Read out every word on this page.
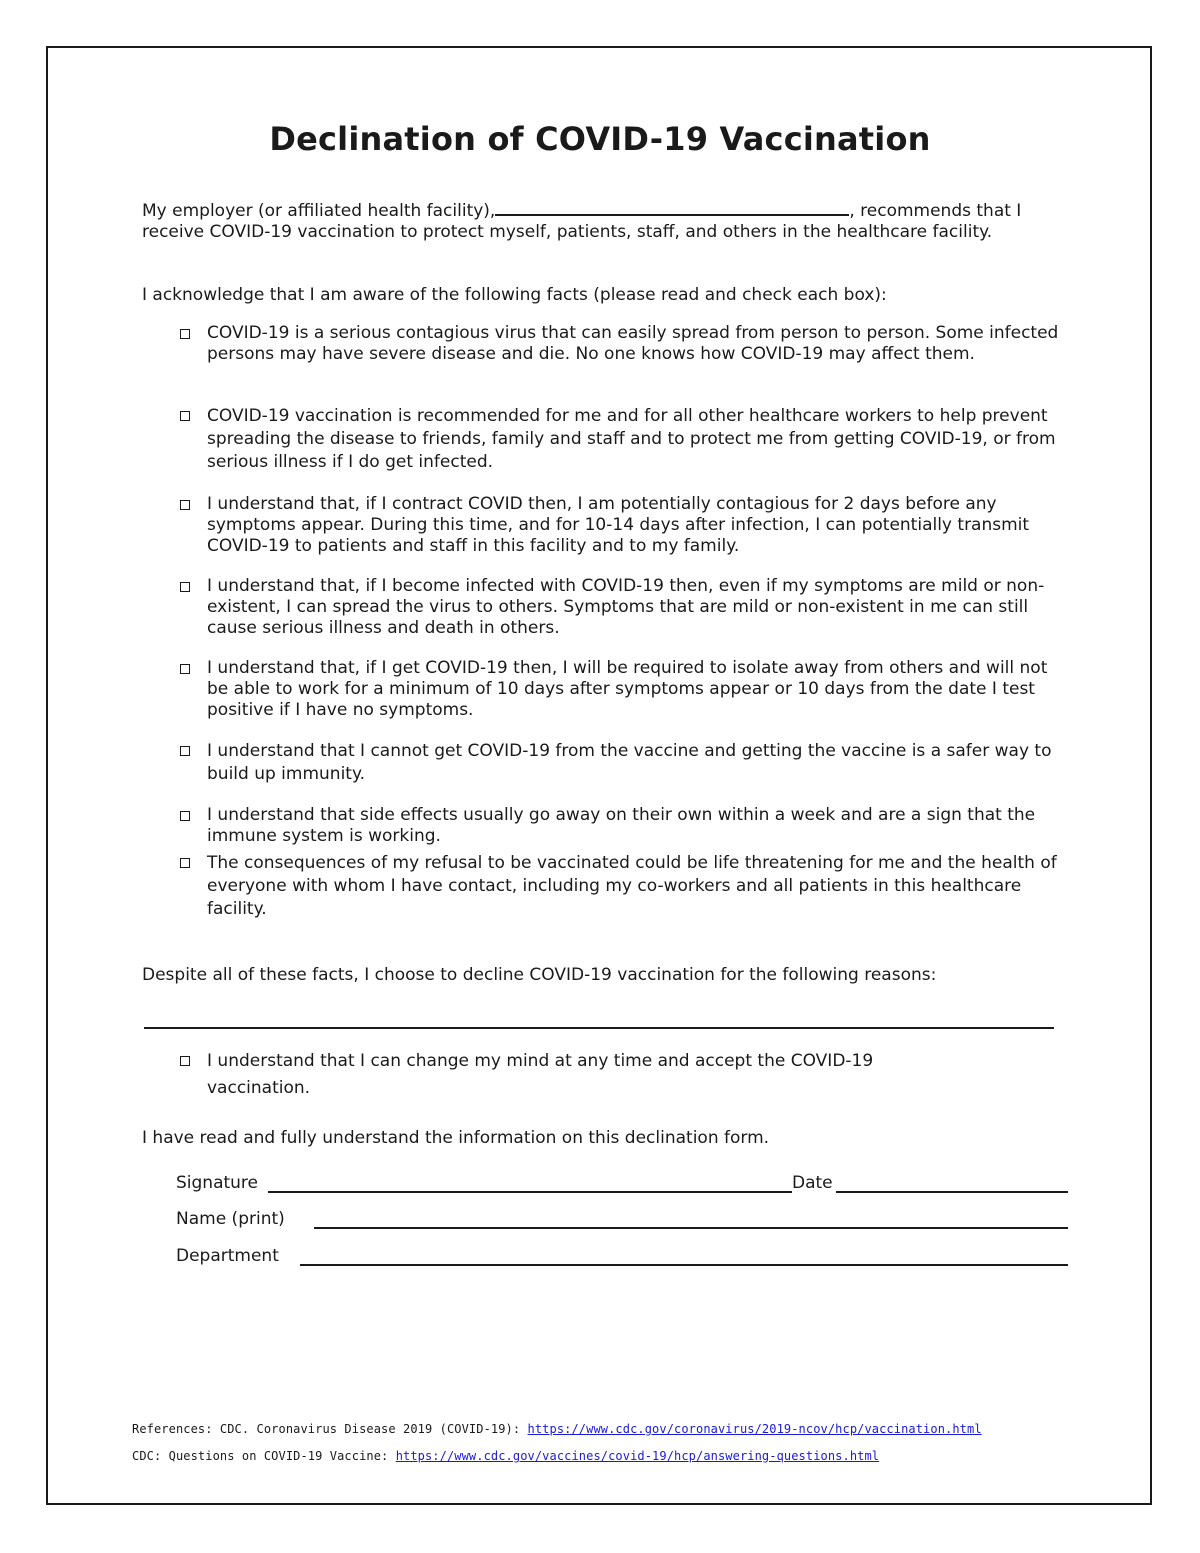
Declination of COVID-19 Vaccination
My employer (or affiliated health facility),	, recommends that I receive COVID-19 vaccination to protect myself, patients, staff, and others in the healthcare facility.
I acknowledge that I am aware of the following facts (please read and check each box):
COVID-19 is a serious contagious virus that can easily spread from person to person. Some infected persons may have severe disease and die. No one knows how COVID-19 may affect them.
COVID-19 vaccination is recommended for me and for all other healthcare workers to help prevent spreading the disease to friends, family and staff and to protect me from getting COVID-19, or from serious illness if I do get infected.
I understand that, if I contract COVID then, I am potentially contagious for 2 days before any symptoms appear. During this time, and for 10-14 days after infection, I can potentially transmit COVID-19 to patients and staff in this facility and to my family.
I understand that, if I become infected with COVID-19 then, even if my symptoms are mild or non-existent, I can spread the virus to others. Symptoms that are mild or non-existent in me can still cause serious illness and death in others.
I understand that, if I get COVID-19 then, I will be required to isolate away from others and will not be able to work for a minimum of 10 days after symptoms appear or 10 days from the date I test positive if I have no symptoms.
I understand that I cannot get COVID-19 from the vaccine and getting the vaccine is a safer way to build up immunity.
I understand that side effects usually go away on their own within a week and are a sign that the immune system is working.
The consequences of my refusal to be vaccinated could be life threatening for me and the health of everyone with whom I have contact, including my co-workers and all patients in this healthcare facility.
Despite all of these facts, I choose to decline COVID-19 vaccination for the following reasons:
I understand that I can change my mind at any time and accept the COVID-19 vaccination.
I have read and fully understand the information on this declination form.
Signature	Date
Name (print)
Department
References: CDC. Coronavirus Disease 2019 (COVID-19): https://www.cdc.gov/coronavirus/2019-ncov/hcp/vaccination.html
CDC: Questions on COVID-19 Vaccine: https://www.cdc.gov/vaccines/covid-19/hcp/answering-questions.html
